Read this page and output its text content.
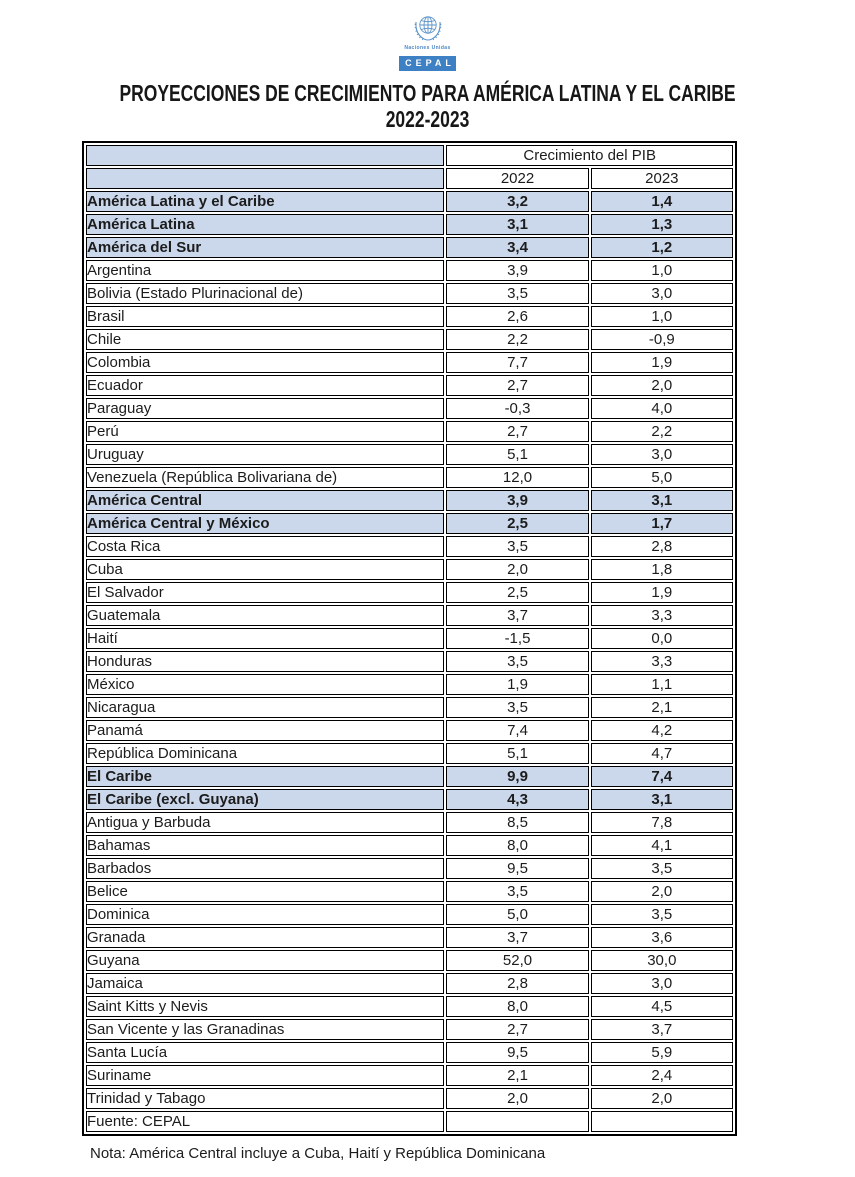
Naciones Unidas
CEPAL
PROYECCIONES DE CRECIMIENTO PARA AMÉRICA LATINA Y EL CARIBE
2022-2023
	Crecimiento del PIB	
	2022	2023
América Latina y el Caribe	3,2	1,4
América Latina	3,1	1,3
América del Sur	3,4	1,2
Argentina	3,9	1,0
Bolivia (Estado Plurinacional de)	3,5	3,0
Brasil	2,6	1,0
Chile	2,2	-0,9
Colombia	7,7	1,9
Ecuador	2,7	2,0
Paraguay	-0,3	4,0
Perú	2,7	2,2
Uruguay	5,1	3,0
Venezuela (República Bolivariana de)	12,0	5,0
América Central	3,9	3,1
América Central y México	2,5	1,7
Costa Rica	3,5	2,8
Cuba	2,0	1,8
El Salvador	2,5	1,9
Guatemala	3,7	3,3
Haití	-1,5	0,0
Honduras	3,5	3,3
México	1,9	1,1
Nicaragua	3,5	2,1
Panamá	7,4	4,2
República Dominicana	5,1	4,7
El Caribe	9,9	7,4
El Caribe (excl. Guyana)	4,3	3,1
Antigua y Barbuda	8,5	7,8
Bahamas	8,0	4,1
Barbados	9,5	3,5
Belice	3,5	2,0
Dominica	5,0	3,5
Granada	3,7	3,6
Guyana	52,0	30,0
Jamaica	2,8	3,0
Saint Kitts y Nevis	8,0	4,5
San Vicente y las Granadinas	2,7	3,7
Santa Lucía	9,5	5,9
Suriname	2,1	2,4
Trinidad y Tabago	2,0	2,0
Fuente: CEPAL		
Nota: América Central incluye a Cuba, Haití y República Dominicana
